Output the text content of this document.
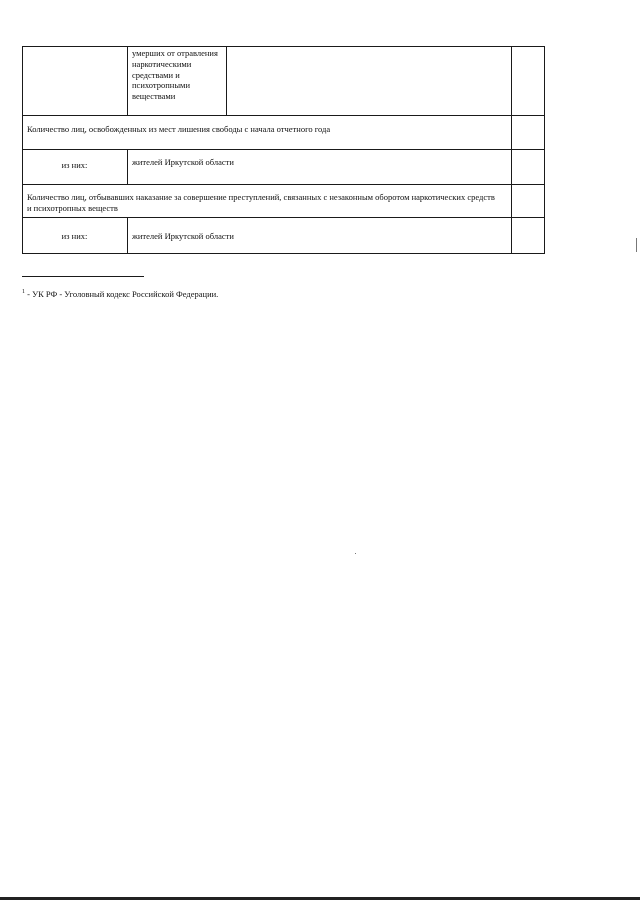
умерших от отравления наркотическими средствами и психотропными веществами
Количество лиц, освобожденных из мест лишения свободы с начала отчетного года
из них:	жителей Иркутской области
Количество лиц, отбывавших наказание за совершение преступлений, связанных с незаконным оборотом наркотических средств и психотропных веществ
из них:	жителей Иркутской области
$^1$ - УК РФ - Уголовный кодекс Российской Федерации.
